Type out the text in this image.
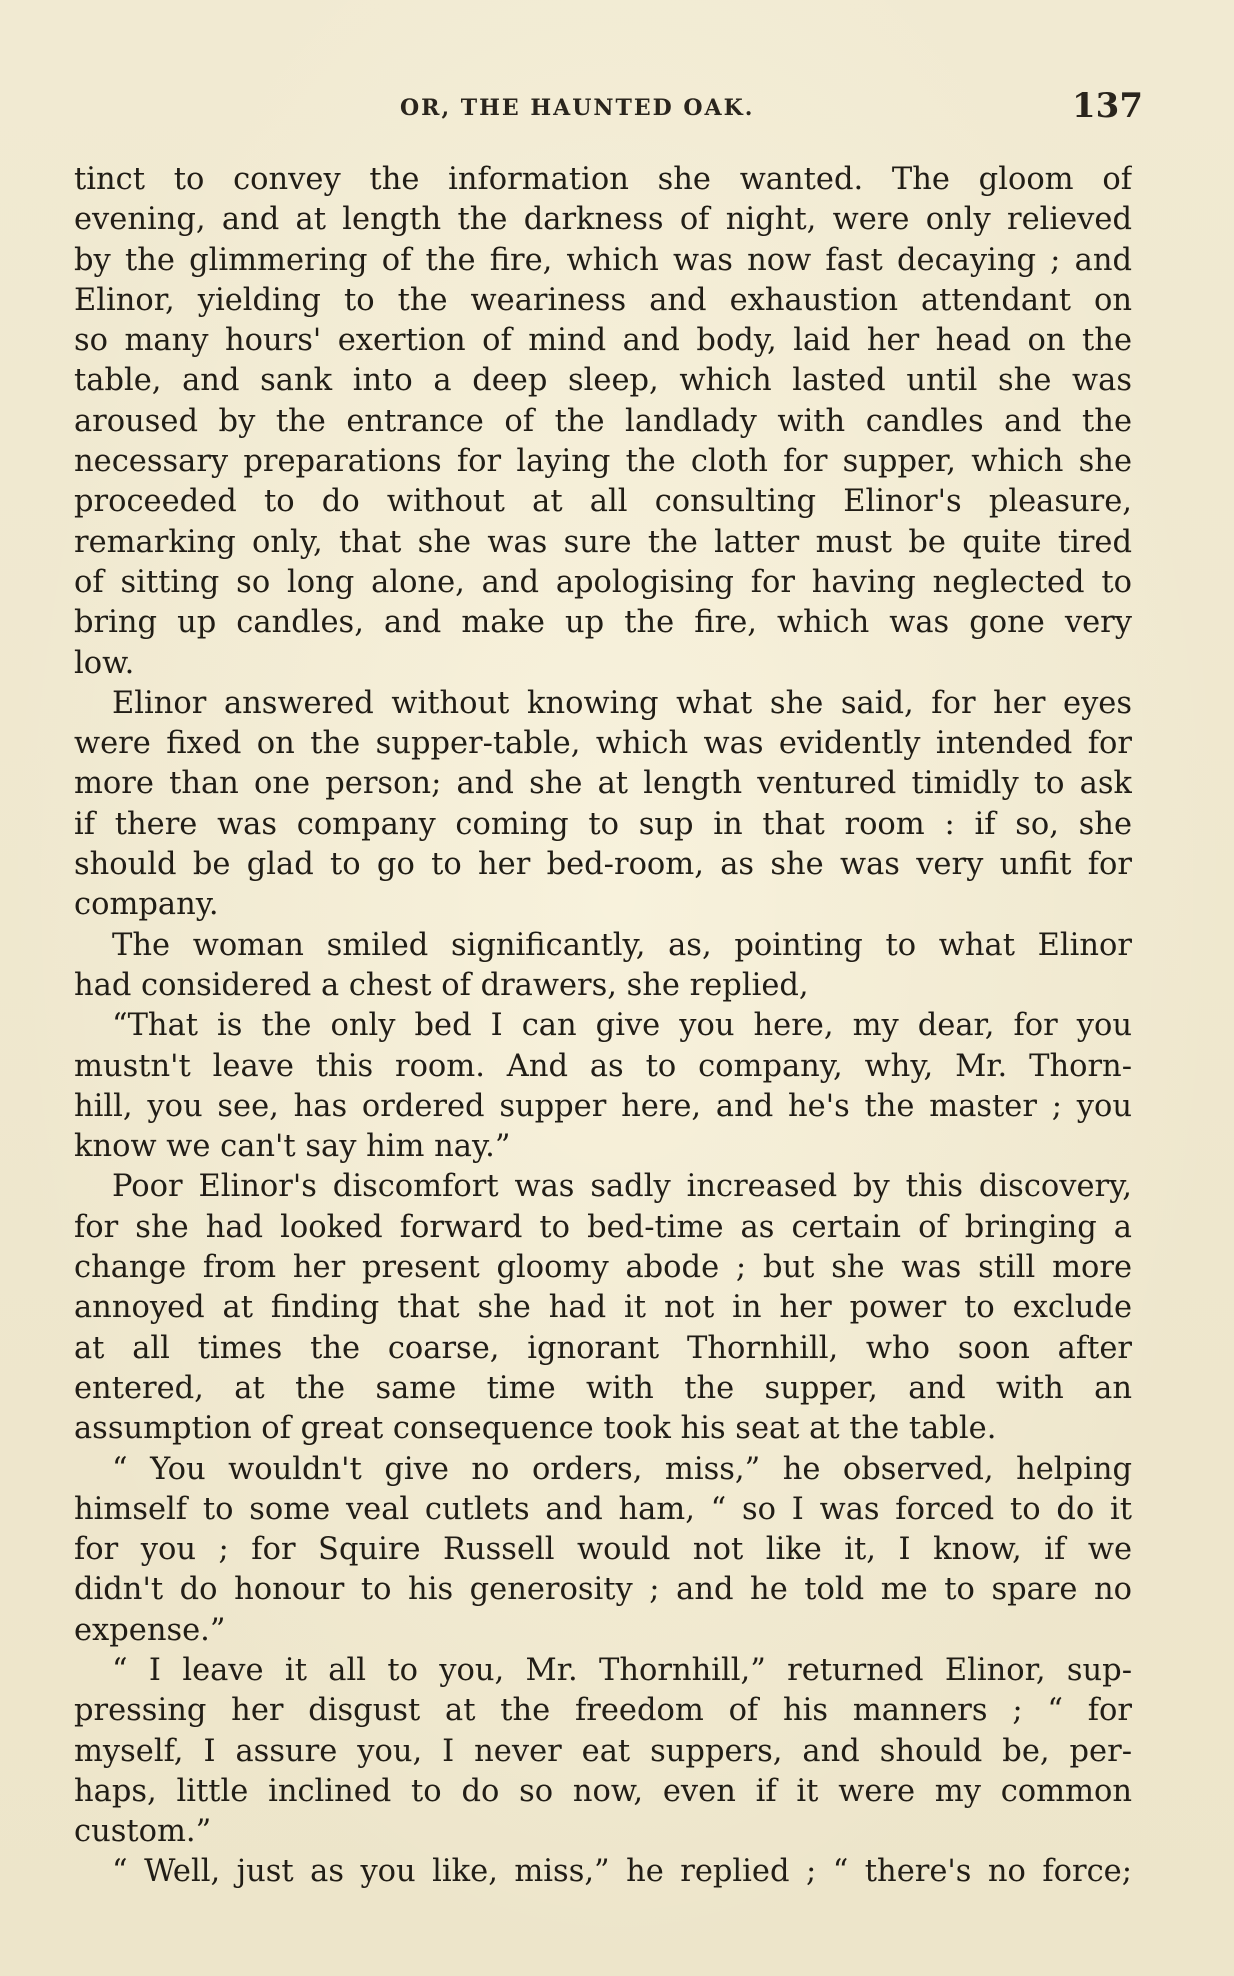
OR, THE HAUNTED OAK.	137
tinct to convey the information she wanted. The gloom of
evening, and at length the darkness of night, were only relieved
by the glimmering of the fire, which was now fast decaying ; and
Elinor, yielding to the weariness and exhaustion attendant on
so many hours' exertion of mind and body, laid her head on the
table, and sank into a deep sleep, which lasted until she was
aroused by the entrance of the landlady with candles and the
necessary preparations for laying the cloth for supper, which she
proceeded to do without at all consulting Elinor's pleasure,
remarking only, that she was sure the latter must be quite tired
of sitting so long alone, and apologising for having neglected to
bring up candles, and make up the fire, which was gone very
low.
Elinor answered without knowing what she said, for her eyes
were fixed on the supper-table, which was evidently intended for
more than one person; and she at length ventured timidly to ask
if there was company coming to sup in that room : if so, she
should be glad to go to her bed-room, as she was very unfit for
company.
The woman smiled significantly, as, pointing to what Elinor
had considered a chest of drawers, she replied,
“That is the only bed I can give you here, my dear, for you
mustn't leave this room. And as to company, why, Mr. Thorn-
hill, you see, has ordered supper here, and he's the master ; you
know we can't say him nay.”
Poor Elinor's discomfort was sadly increased by this discovery,
for she had looked forward to bed-time as certain of bringing a
change from her present gloomy abode ; but she was still more
annoyed at finding that she had it not in her power to exclude
at all times the coarse, ignorant Thornhill, who soon after
entered, at the same time with the supper, and with an
assumption of great consequence took his seat at the table.
“ You wouldn't give no orders, miss,” he observed, helping
himself to some veal cutlets and ham, “ so I was forced to do it
for you ; for Squire Russell would not like it, I know, if we
didn't do honour to his generosity ; and he told me to spare no
expense.”
“ I leave it all to you, Mr. Thornhill,” returned Elinor, sup-
pressing her disgust at the freedom of his manners ; “ for
myself, I assure you, I never eat suppers, and should be, per-
haps, little inclined to do so now, even if it were my common
custom.”
“ Well, just as you like, miss,” he replied ; “ there's no force;
